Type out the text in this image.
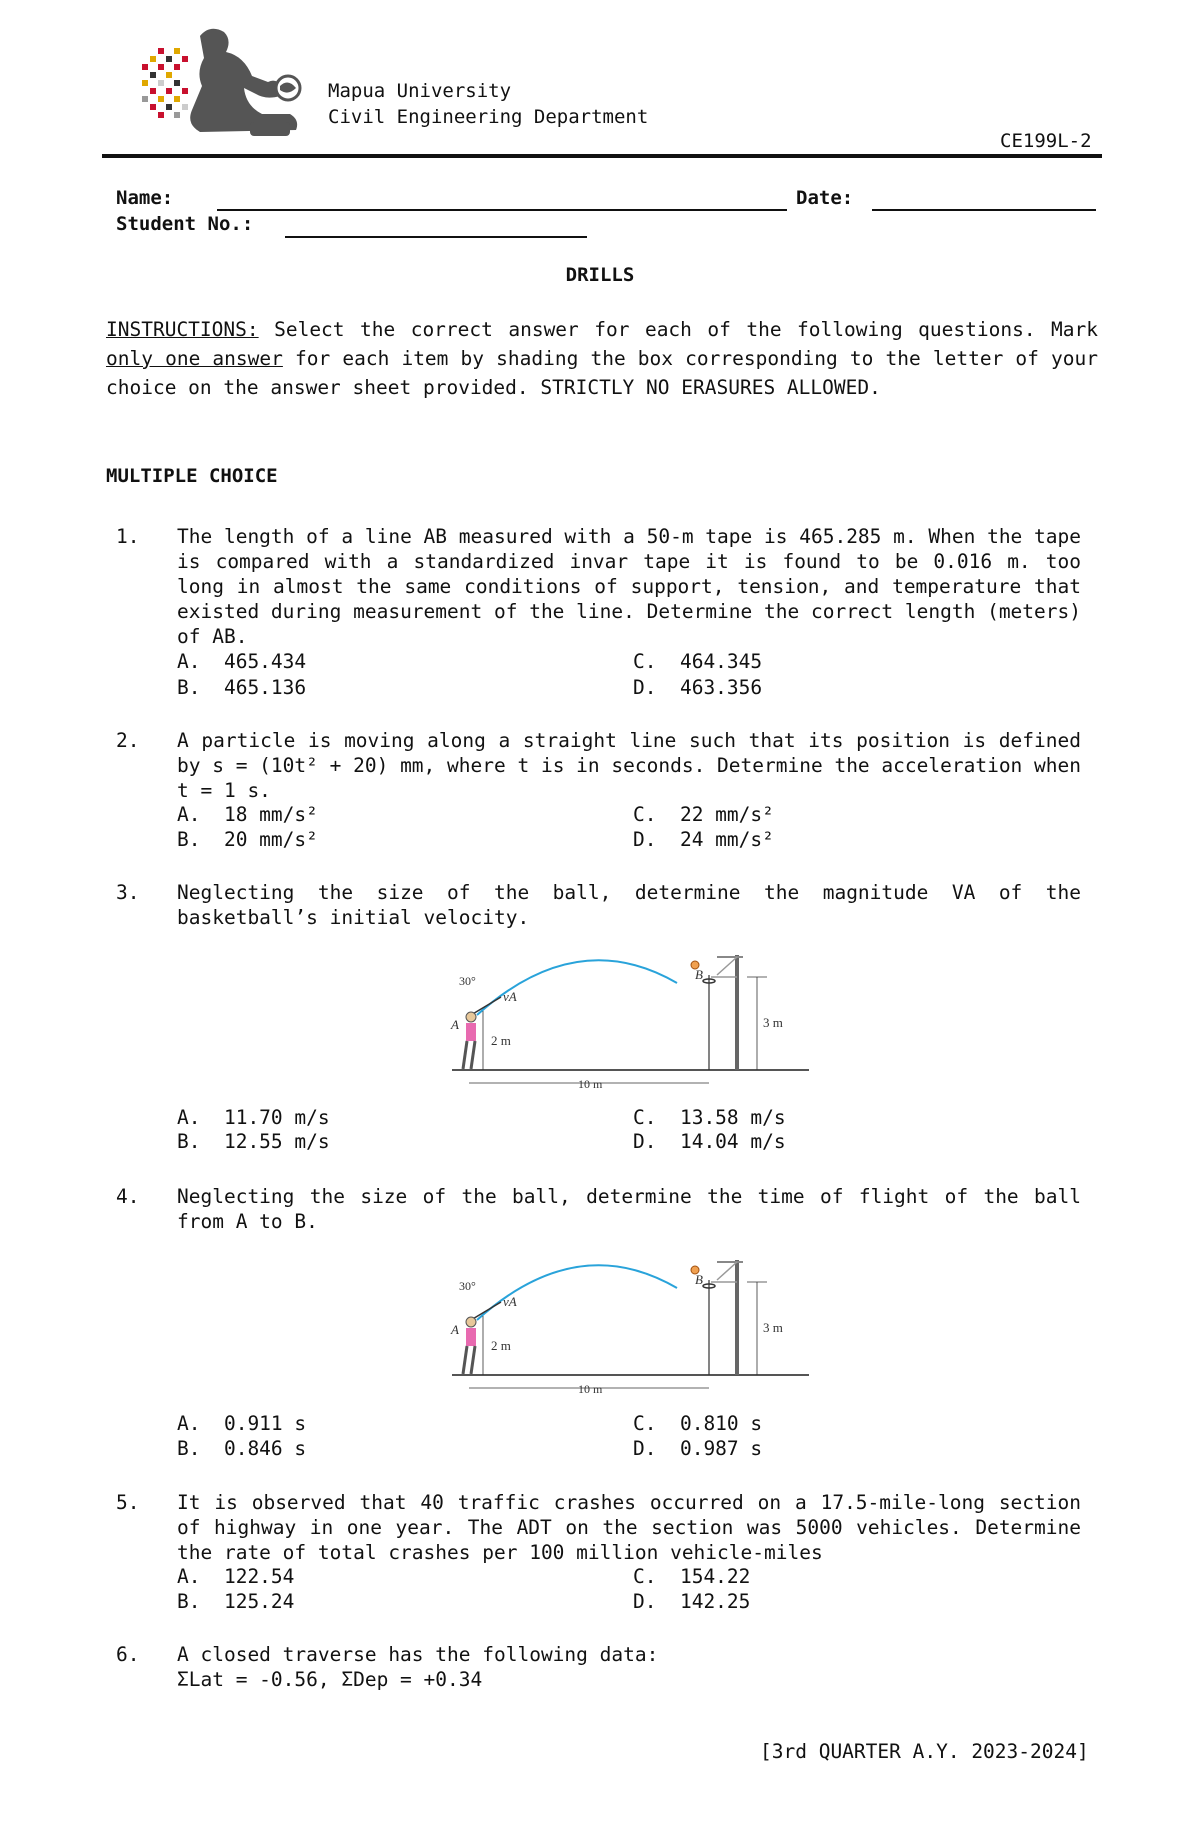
Mapua University
Civil Engineering Department
CE199L-2
Name:	Date:
Student No.:
DRILLS
INSTRUCTIONS: Select the correct answer for each of the following questions. Mark only one answer for each item by shading the box corresponding to the letter of your choice on the answer sheet provided. STRICTLY NO ERASURES ALLOWED.
MULTIPLE CHOICE
1. The length of a line AB measured with a 50-m tape is 465.285 m. When the tape is compared with a standardized invar tape it is found to be 0.016 m. too long in almost the same conditions of support, tension, and temperature that existed during measurement of the line. Determine the correct length (meters) of AB.
A.  465.434
B.  465.136
C.  464.345
D.  463.356
2. A particle is moving along a straight line such that its position is defined by s = (10t² + 20) mm, where t is in seconds. Determine the acceleration when t = 1 s.
A.  18 mm/s²
B.  20 mm/s²
C.  22 mm/s²
D.  24 mm/s²
3. Neglecting the size of the ball, determine the magnitude VA of the basketball’s initial velocity.
3 m
2 m
10 m
30°
vA
A
B
A.  11.70 m/s
B.  12.55 m/s
C.  13.58 m/s
D.  14.04 m/s
4. Neglecting the size of the ball, determine the time of flight of the ball from A to B.
3 m
2 m
10 m
30°
vA
A
B
A.  0.911 s
B.  0.846 s
C.  0.810 s
D.  0.987 s
5. It is observed that 40 traffic crashes occurred on a 17.5-mile-long section of highway in one year. The ADT on the section was 5000 vehicles. Determine the rate of total crashes per 100 million vehicle-miles
A.  122.54
B.  125.24
C.  154.22
D.  142.25
6. A closed traverse has the following data:
ΣLat = -0.56, ΣDep = +0.34
[3rd QUARTER A.Y. 2023-2024]
